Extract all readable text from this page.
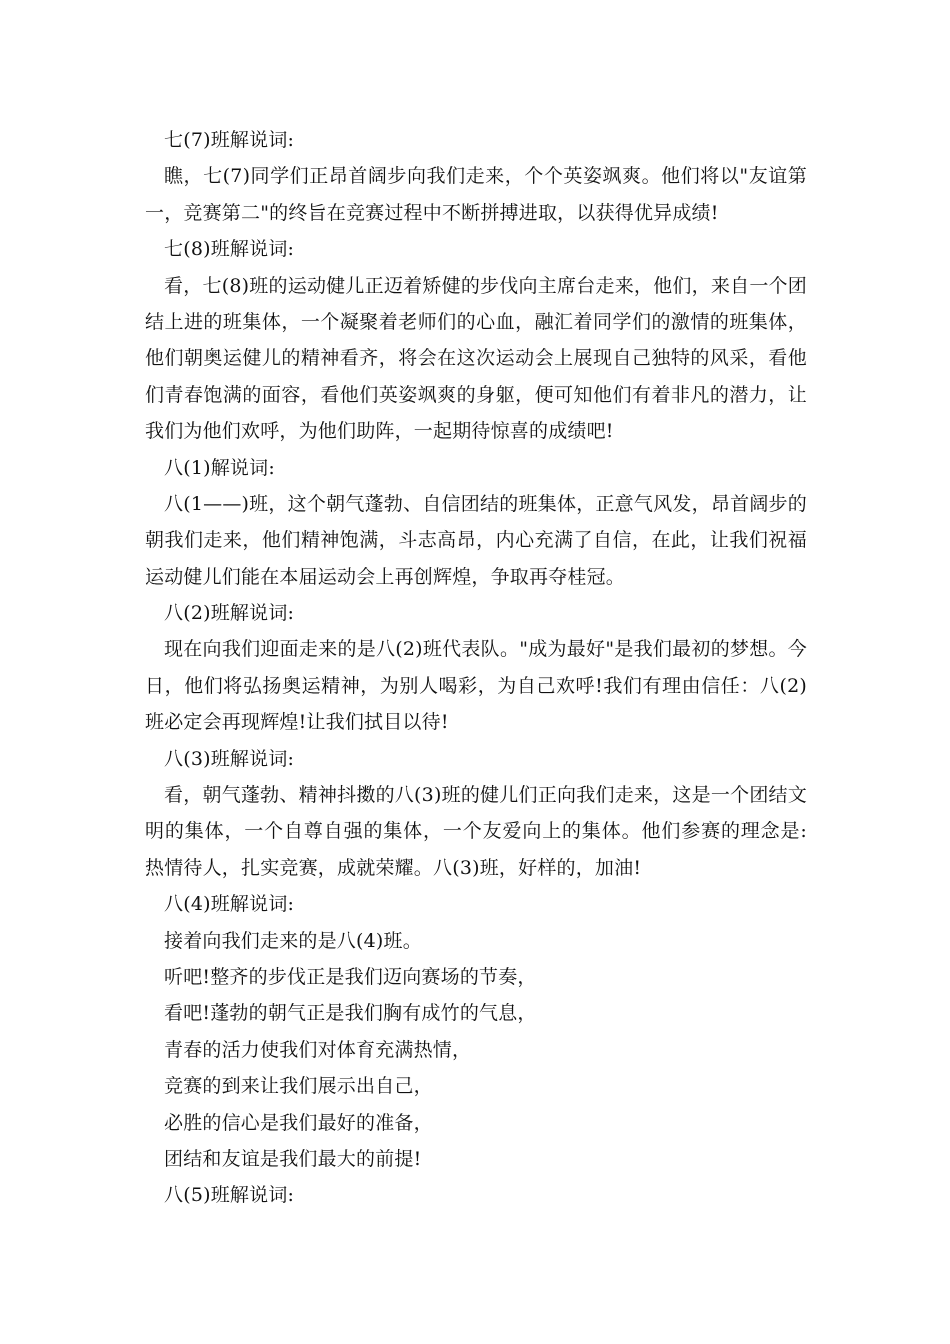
七(7)班解说词:
瞧，七(7)同学们正昂首阔步向我们走来，个个英姿飒爽。他们将以"友谊第
一，竞赛第二"的终旨在竞赛过程中不断拼搏进取，以获得优异成绩!
七(8)班解说词:
看，七(8)班的运动健儿正迈着矫健的步伐向主席台走来，他们，来自一个团
结上进的班集体，一个凝聚着老师们的心血，融汇着同学们的激情的班集体，
他们朝奥运健儿的精神看齐，将会在这次运动会上展现自己独特的风采，看他
们青春饱满的面容，看他们英姿飒爽的身躯，便可知他们有着非凡的潜力，让
我们为他们欢呼，为他们助阵，一起期待惊喜的成绩吧!
八(1)解说词:
八(1——)班，这个朝气蓬勃、自信团结的班集体，正意气风发，昂首阔步的
朝我们走来，他们精神饱满，斗志高昂，内心充满了自信，在此，让我们祝福
运动健儿们能在本届运动会上再创辉煌，争取再夺桂冠。
八(2)班解说词:
现在向我们迎面走来的是八(2)班代表队。"成为最好"是我们最初的梦想。今
日，他们将弘扬奥运精神，为别人喝彩，为自己欢呼!我们有理由信任：八(2)
班必定会再现辉煌!让我们拭目以待!
八(3)班解说词:
看，朝气蓬勃、精神抖擞的八(3)班的健儿们正向我们走来，这是一个团结文
明的集体，一个自尊自强的集体，一个友爱向上的集体。他们参赛的理念是:
热情待人，扎实竞赛，成就荣耀。八(3)班，好样的，加油!
八(4)班解说词:
接着向我们走来的是八(4)班。
听吧!整齐的步伐正是我们迈向赛场的节奏，
看吧!蓬勃的朝气正是我们胸有成竹的气息，
青春的活力使我们对体育充满热情，
竞赛的到来让我们展示出自己，
必胜的信心是我们最好的准备，
团结和友谊是我们最大的前提!
八(5)班解说词:
